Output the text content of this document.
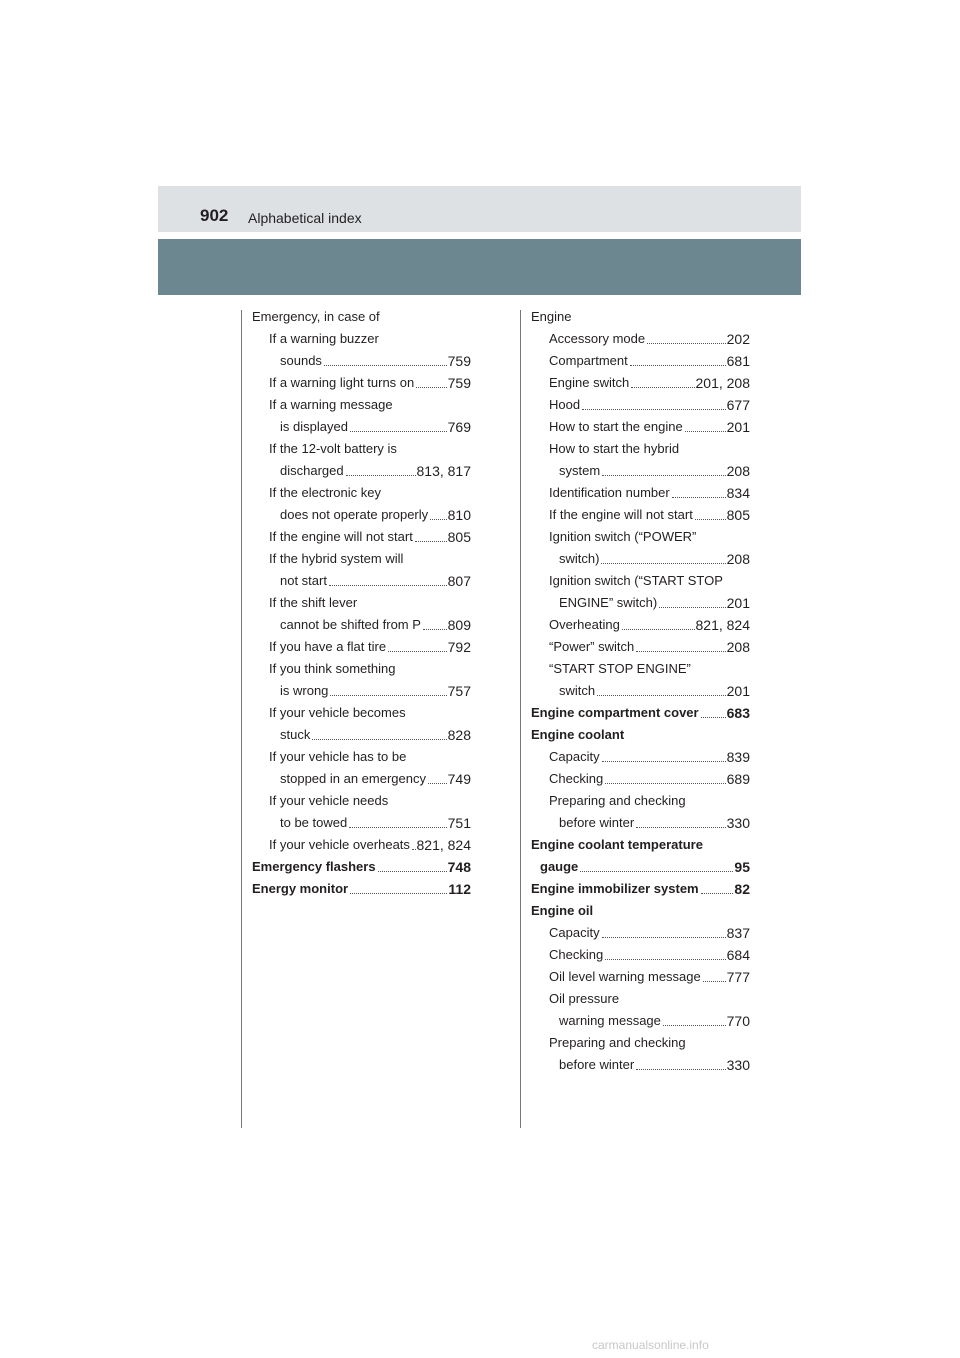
902 Alphabetical index
Emergency, in case of
If a warning buzzer
sounds	759
If a warning light turns on 759
If a warning message
is displayed	769
If the 12-volt battery is
discharged	813, 817
If the electronic key
does not operate properly 810
If the engine will not start 805
If the hybrid system will
not start	807
If the shift lever
cannot be shifted from P 809
If you have a flat tire	792
If you think something
is wrong	757
If your vehicle becomes
stuck	828
If your vehicle has to be
stopped in an emergency 749
If your vehicle needs
to be towed	751
If your vehicle overheats 821, 824
Emergency flashers	748
Energy monitor	112
Engine
Accessory mode	202
Compartment	681
Engine switch	201, 208
Hood	677
How to start the engine	201
How to start the hybrid
system	208
Identification number	834
If the engine will not start 805
Ignition switch (“POWER”
switch)	208
Ignition switch (“START STOP
ENGINE” switch)	201
Overheating	821, 824
“Power” switch	208
“START STOP ENGINE”
switch	201
Engine compartment cover 683
Engine coolant
Capacity	839
Checking	689
Preparing and checking
before winter	330
Engine coolant temperature
gauge	95
Engine immobilizer system	82
Engine oil
Capacity	837
Checking	684
Oil level warning message 777
Oil pressure
warning message	770
Preparing and checking
before winter	330
carmanualsonline.info
